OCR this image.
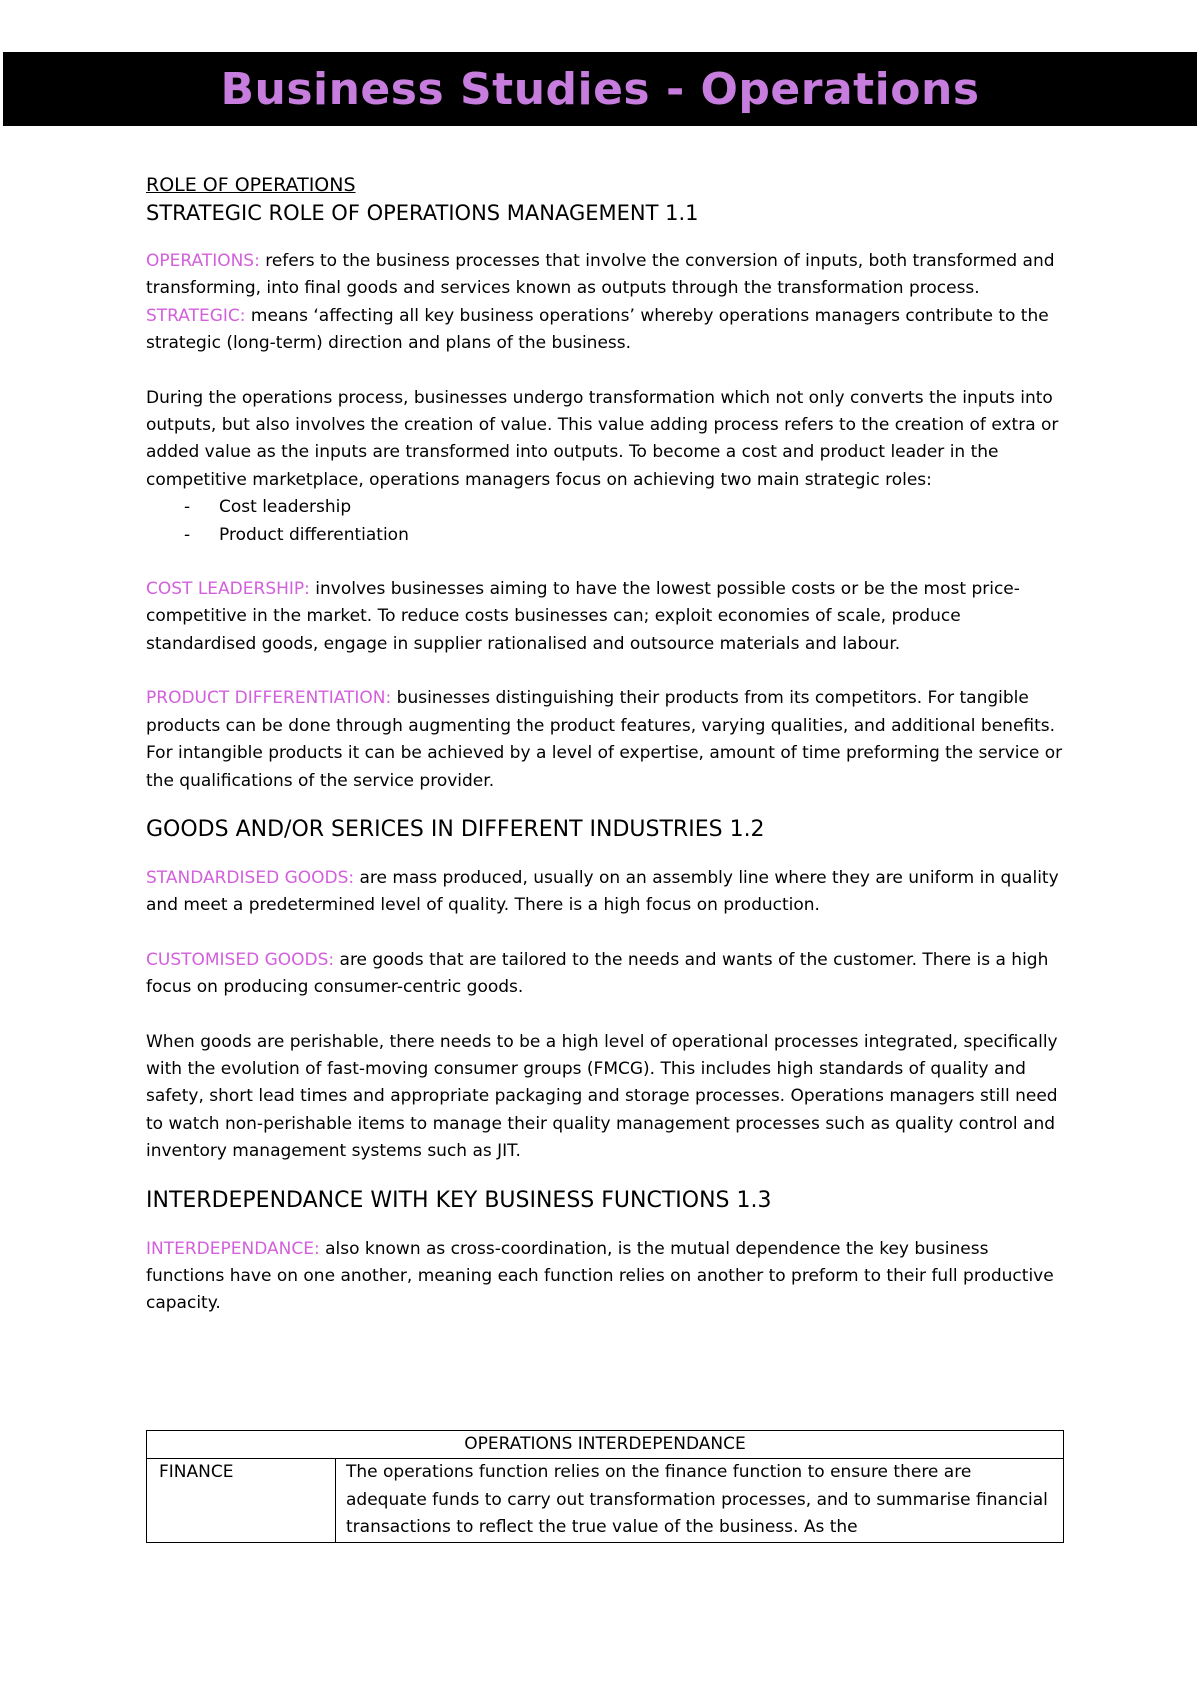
Business Studies - Operations
ROLE OF OPERATIONS
STRATEGIC ROLE OF OPERATIONS MANAGEMENT 1.1

OPERATIONS: refers to the business processes that involve the conversion of inputs, both transformed and transforming, into final goods and services known as outputs through the transformation process.

STRATEGIC: means ‘affecting all key business operations’ whereby operations managers contribute to the strategic (long-term) direction and plans of the business.

During the operations process, businesses undergo transformation which not only converts the inputs into outputs, but also involves the creation of value. This value adding process refers to the creation of extra or added value as the inputs are transformed into outputs. To become a cost and product leader in the competitive marketplace, operations managers focus on achieving two main strategic roles:

- Cost leadership
- Product differentiation

COST LEADERSHIP: involves businesses aiming to have the lowest possible costs or be the most price-competitive in the market. To reduce costs businesses can; exploit economies of scale, produce standardised goods, engage in supplier rationalised and outsource materials and labour.

PRODUCT DIFFERENTIATION: businesses distinguishing their products from its competitors. For tangible products can be done through augmenting the product features, varying qualities, and additional benefits. For intangible products it can be achieved by a level of expertise, amount of time preforming the service or the qualifications of the service provider.

GOODS AND/OR SERICES IN DIFFERENT INDUSTRIES 1.2

STANDARDISED GOODS: are mass produced, usually on an assembly line where they are uniform in quality and meet a predetermined level of quality. There is a high focus on production.

CUSTOMISED GOODS: are goods that are tailored to the needs and wants of the customer. There is a high focus on producing consumer-centric goods.

When goods are perishable, there needs to be a high level of operational processes integrated, specifically with the evolution of fast-moving consumer groups (FMCG). This includes high standards of quality and safety, short lead times and appropriate packaging and storage processes. Operations managers still need to watch non-perishable items to manage their quality management processes such as quality control and inventory management systems such as JIT.

INTERDEPENDANCE WITH KEY BUSINESS FUNCTIONS 1.3

INTERDEPENDANCE: also known as cross-coordination, is the mutual dependence the key business functions have on one another, meaning each function relies on another to preform to their full productive capacity.

OPERATIONS INTERDEPENDANCE
FINANCE	The operations function relies on the finance function to ensure there are adequate funds to carry out transformation processes, and to summarise financial transactions to reflect the true value of the business. As the
